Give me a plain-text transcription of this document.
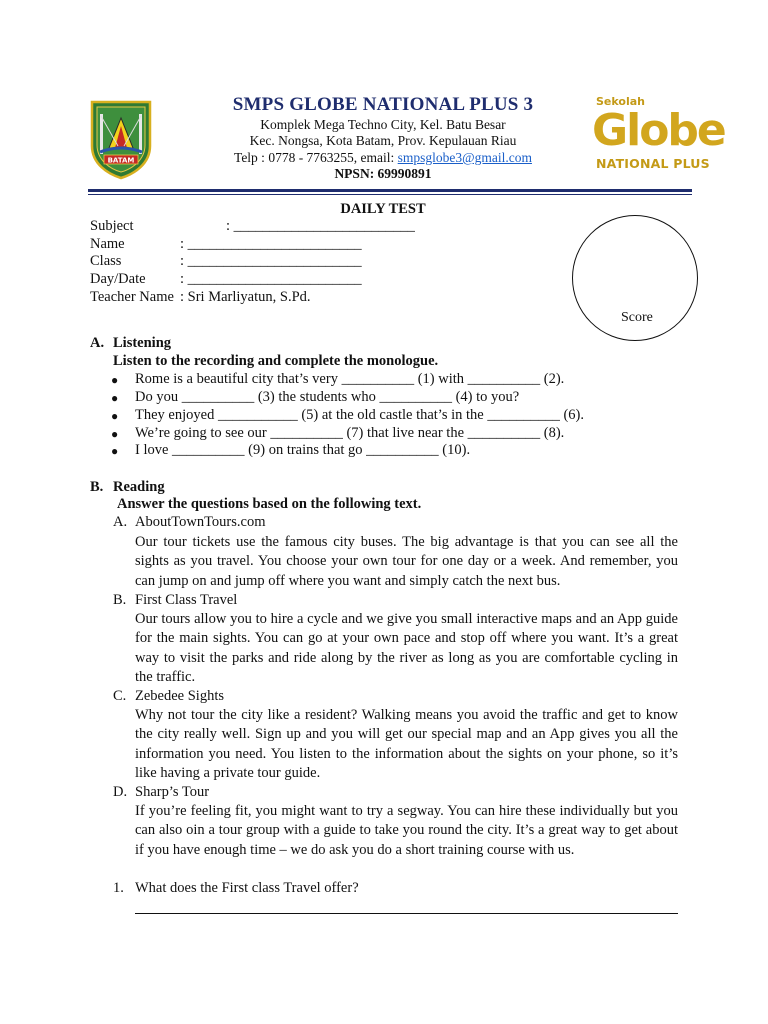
BATAM
Sekolah
Globe
NATIONAL PLUS
SMPS GLOBE NATIONAL PLUS 3
Komplek Mega Techno City, Kel. Batu Besar
Kec. Nongsa, Kota Batam, Prov. Kepulauan Riau
Telp : 0778 - 7763255, email: smpsglobe3@gmail.com
NPSN: 69990891
DAILY TEST
Subject	: _________________________
Name	: ________________________
Class	: ________________________
Day/Date : ________________________
Teacher Name : Sri Marliyatun, S.Pd.
Score
A. Listening
Listen to the recording and complete the monologue.
● Rome is a beautiful city that’s very __________ (1) with __________ (2).
● Do you __________ (3) the students who __________ (4) to you?
● They enjoyed ___________ (5) at the old castle that’s in the __________ (6).
● We’re going to see our __________ (7) that live near the __________ (8).
● I love __________ (9) on trains that go __________ (10).
B. Reading
Answer the questions based on the following text.
A. AboutTownTours.com
Our tour tickets use the famous city buses. The big advantage is that you can see all the sights as you travel. You choose your own tour for one day or a week. And remember, you can jump on and jump off where you want and simply catch the next bus.
B. First Class Travel
Our tours allow you to hire a cycle and we give you small interactive maps and an App guide for the main sights. You can go at your own pace and stop off where you want. It’s a great way to visit the parks and ride along by the river as long as you are comfortable cycling in the traffic.
C. Zebedee Sights
Why not tour the city like a resident? Walking means you avoid the traffic and get to know the city really well. Sign up and you will get our special map and an App gives you all the information you need. You listen to the information about the sights on your phone, so it’s like having a private tour guide.
D. Sharp’s Tour
If you’re feeling fit, you might want to try a segway. You can hire these individually but you can also oin a tour group with a guide to take you round the city. It’s a great way to get about if you have enough time – we do ask you do a short training course with us.
1. What does the First class Travel offer?
